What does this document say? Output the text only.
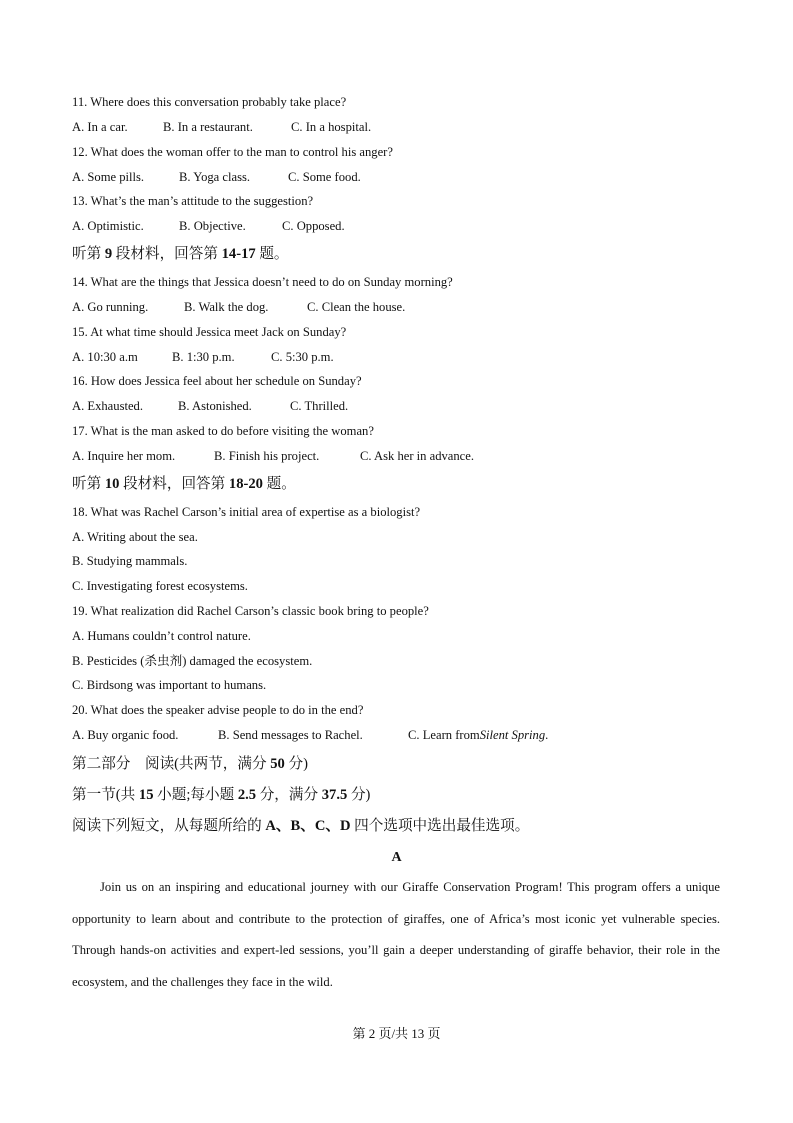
11. Where does this conversation probably take place?
A. In a car.	B. In a restaurant.	C. In a hospital.
12. What does the woman offer to the man to control his anger?
A. Some pills.	B. Yoga class.	C. Some food.
13. What’s the man’s attitude to the suggestion?
A. Optimistic.	B. Objective.	C. Opposed.
听第 9 段材料，回答第 14-17 题。
14. What are the things that Jessica doesn’t need to do on Sunday morning?
A. Go running.	B. Walk the dog.	C. Clean the house.
15. At what time should Jessica meet Jack on Sunday?
A. 10:30 a.m	B. 1:30 p.m.	C. 5:30 p.m.
16. How does Jessica feel about her schedule on Sunday?
A. Exhausted.	B. Astonished.	C. Thrilled.
17. What is the man asked to do before visiting the woman?
A. Inquire her mom.	B. Finish his project.	C. Ask her in advance.
听第 10 段材料，回答第 18-20 题。
18. What was Rachel Carson’s initial area of expertise as a biologist?
A. Writing about the sea.
B. Studying mammals.
C. Investigating forest ecosystems.
19. What realization did Rachel Carson’s classic book bring to people?
A. Humans couldn’t control nature.
B. Pesticides (杀虫剂) damaged the ecosystem.
C. Birdsong was important to humans.
20. What does the speaker advise people to do in the end?
A. Buy organic food.	B. Send messages to Rachel.	C. Learn fromSilent Spring.
第二部分　阅读(共两节，满分 50 分)
第一节(共 15 小题;每小题 2.5 分，满分 37.5 分)
阅读下列短文，从每题所给的 A、B、C、D 四个选项中选出最佳选项。
A
Join us on an inspiring and educational journey with our Giraffe Conservation Program! This program offers a unique opportunity to learn about and contribute to the protection of giraffes, one of Africa’s most iconic yet vulnerable species. Through hands-on activities and expert-led sessions, you’ll gain a deeper understanding of giraffe behavior, their role in the ecosystem, and the challenges they face in the wild.
第 2 页/共 13 页
